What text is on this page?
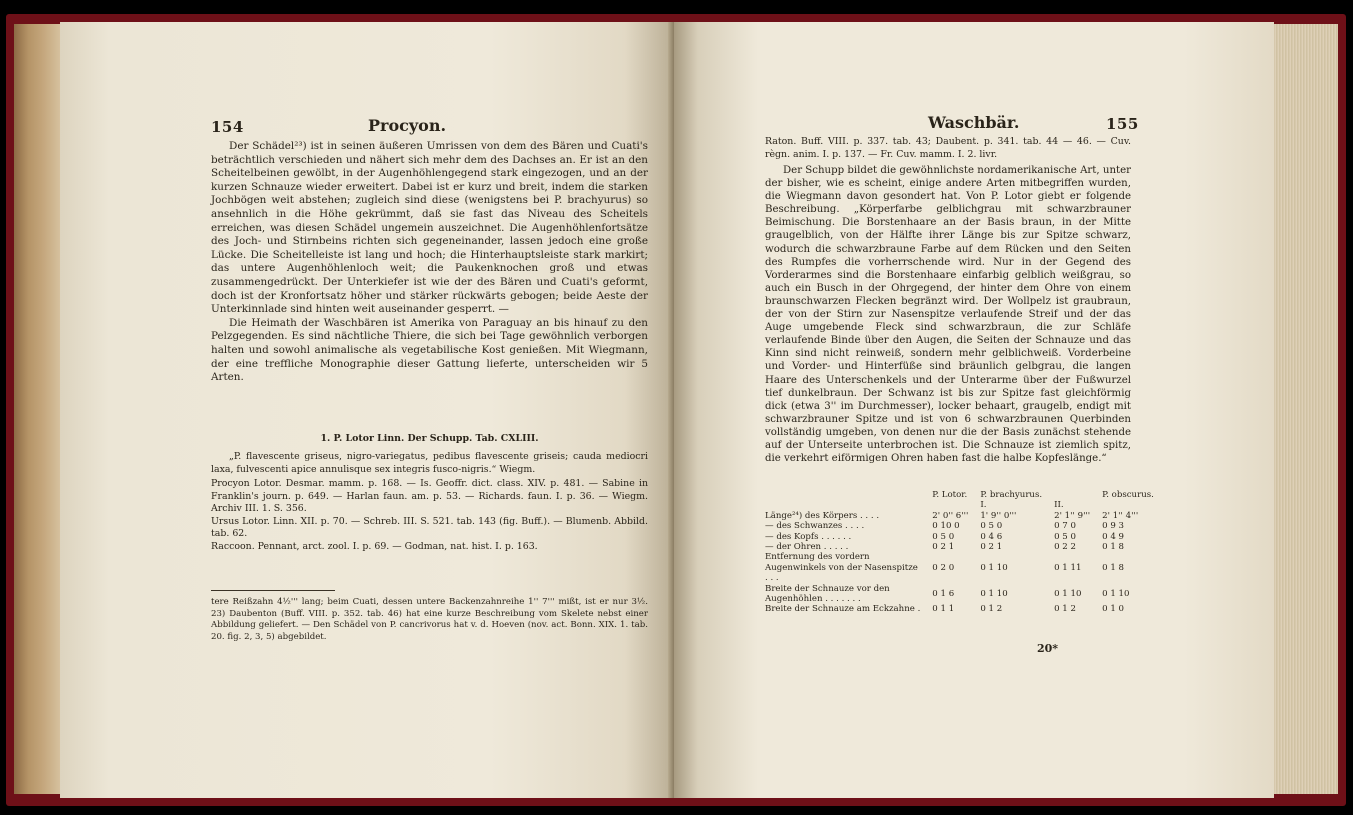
154	Procyon.

Der Schädel²³) ist in seinen äußeren Umrissen von dem des Bären und Cuati's beträchtlich verschieden und nähert sich mehr dem des Dachses an. Er ist an den Scheitelbeinen gewölbt, in der Augenhöhlengegend stark eingezogen, und an der kurzen Schnauze wieder erweitert. Dabei ist er kurz und breit, indem die starken Jochbögen weit abstehen; zugleich sind diese (wenigstens bei P. brachyurus) so ansehnlich in die Höhe gekrümmt, daß sie fast das Niveau des Scheitels erreichen, was diesen Schädel ungemein auszeichnet. Die Augenhöhlenfortsätze des Joch- und Stirnbeins richten sich gegeneinander, lassen jedoch eine große Lücke. Die Scheitelleiste ist lang und hoch; die Hinterhauptsleiste stark markirt; das untere Augenhöhlenloch weit; die Paukenknochen groß und etwas zusammengedrückt. Der Unterkiefer ist wie der des Bären und Cuati's geformt, doch ist der Kronfortsatz höher und stärker rückwärts gebogen; beide Aeste der Unterkinnlade sind hinten weit auseinander gesperrt. —

Die Heimath der Waschbären ist Amerika von Paraguay an bis hinauf zu den Pelzgegenden. Es sind nächtliche Thiere, die sich bei Tage gewöhnlich verborgen halten und sowohl animalische als vegetabilische Kost genießen. Mit Wiegmann, der eine treffliche Monographie dieser Gattung lieferte, unterscheiden wir 5 Arten.

1. P. Lotor Linn. Der Schupp. Tab. CXLIII.

„P. flavescente griseus, nigro-variegatus, pedibus flavescente griseis; cauda mediocri laxa, fulvescenti apice annulisque sex integris fusco-nigris.“ Wiegm.

Procyon Lotor. Desmar. mamm. p. 168. — Is. Geoffr. dict. class. XIV. p. 481. — Sabine in Franklin's journ. p. 649. — Harlan faun. am. p. 53. — Richards. faun. I. p. 36. — Wiegm. Archiv III. 1. S. 356.

Ursus Lotor. Linn. XII. p. 70. — Schreb. III. S. 521. tab. 143 (fig. Buff.). — Blumenb. Abbild. tab. 62.

Raccoon. Pennant, arct. zool. I. p. 69. — Godman, nat. hist. I. p. 163.

tere Reißzahn 4½''' lang; beim Cuati, dessen untere Backenzahnreihe 1'' 7''' mißt, ist er nur 3½. 23) Daubenton (Buff. VIII. p. 352. tab. 46) hat eine kurze Beschreibung vom Skelete nebst einer Abbildung geliefert. — Den Schädel von P. cancrivorus hat v. d. Hoeven (nov. act. Bonn. XIX. 1. tab. 20. fig. 2, 3, 5) abgebildet.

Waschbär.	155

Raton. Buff. VIII. p. 337. tab. 43; Daubent. p. 341. tab. 44 — 46. — Cuv. règn. anim. I. p. 137. — Fr. Cuv. mamm. I. 2. livr.

Der Schupp bildet die gewöhnlichste nordamerikanische Art, unter der bisher, wie es scheint, einige andere Arten mitbegriffen wurden, die Wiegmann davon gesondert hat. Von P. Lotor giebt er folgende Beschreibung. „Körperfarbe gelblichgrau mit schwarzbrauner Beimischung. Die Borstenhaare an der Basis braun, in der Mitte graugelblich, von der Hälfte ihrer Länge bis zur Spitze schwarz, wodurch die schwarzbraune Farbe auf dem Rücken und den Seiten des Rumpfes die vorherrschende wird. Nur in der Gegend des Vorderarmes sind die Borstenhaare einfarbig gelblich weißgrau, so auch ein Busch in der Ohrgegend, der hinter dem Ohre von einem braunschwarzen Flecken begränzt wird. Der Wollpelz ist graubraun, der von der Stirn zur Nasenspitze verlaufende Streif und der das Auge umgebende Fleck sind schwarzbraun, die zur Schläfe verlaufende Binde über den Augen, die Seiten der Schnauze und das Kinn sind nicht reinweiß, sondern mehr gelblichweiß. Vorderbeine und Vorder- und Hinterfüße sind bräunlich gelbgrau, die langen Haare des Unterschenkels und der Unterarme über der Fußwurzel tief dunkelbraun. Der Schwanz ist bis zur Spitze fast gleichförmig dick (etwa 3'' im Durchmesser), locker behaart, graugelb, endigt mit schwarzbrauner Spitze und ist von 6 schwarzbraunen Querbinden vollständig umgeben, von denen nur die der Basis zunächst stehende auf der Unterseite unterbrochen ist. Die Schnauze ist ziemlich spitz, die verkehrt eiförmigen Ohren haben fast die halbe Kopfeslänge.“

	P. Lotor.	P. brachyurus.		P. obscurus.
		I.	II.	
Länge²⁴) des Körpers . . . .	2' 0'' 6'''	1' 9'' 0'''	2' 1'' 9'''	2' 1'' 4'''
— des Schwanzes . . . .	0 10 0	0 5 0	0 7 0	0 9 3
— des Kopfs . . . . . .	0 5 0	0 4 6	0 5 0	0 4 9
— der Ohren . . . . .	0 2 1	0 2 1	0 2 2	0 1 8
Entfernung des vordern Augenwinkels von der Nasenspitze . . .	0 2 0	0 1 10	0 1 11	0 1 8
Breite der Schnauze vor den Augenhöhlen . . . . . . .	0 1 6	0 1 10	0 1 10	0 1 10
Breite der Schnauze am Eckzahne .	0 1 1	0 1 2	0 1 2	0 1 0
20*
